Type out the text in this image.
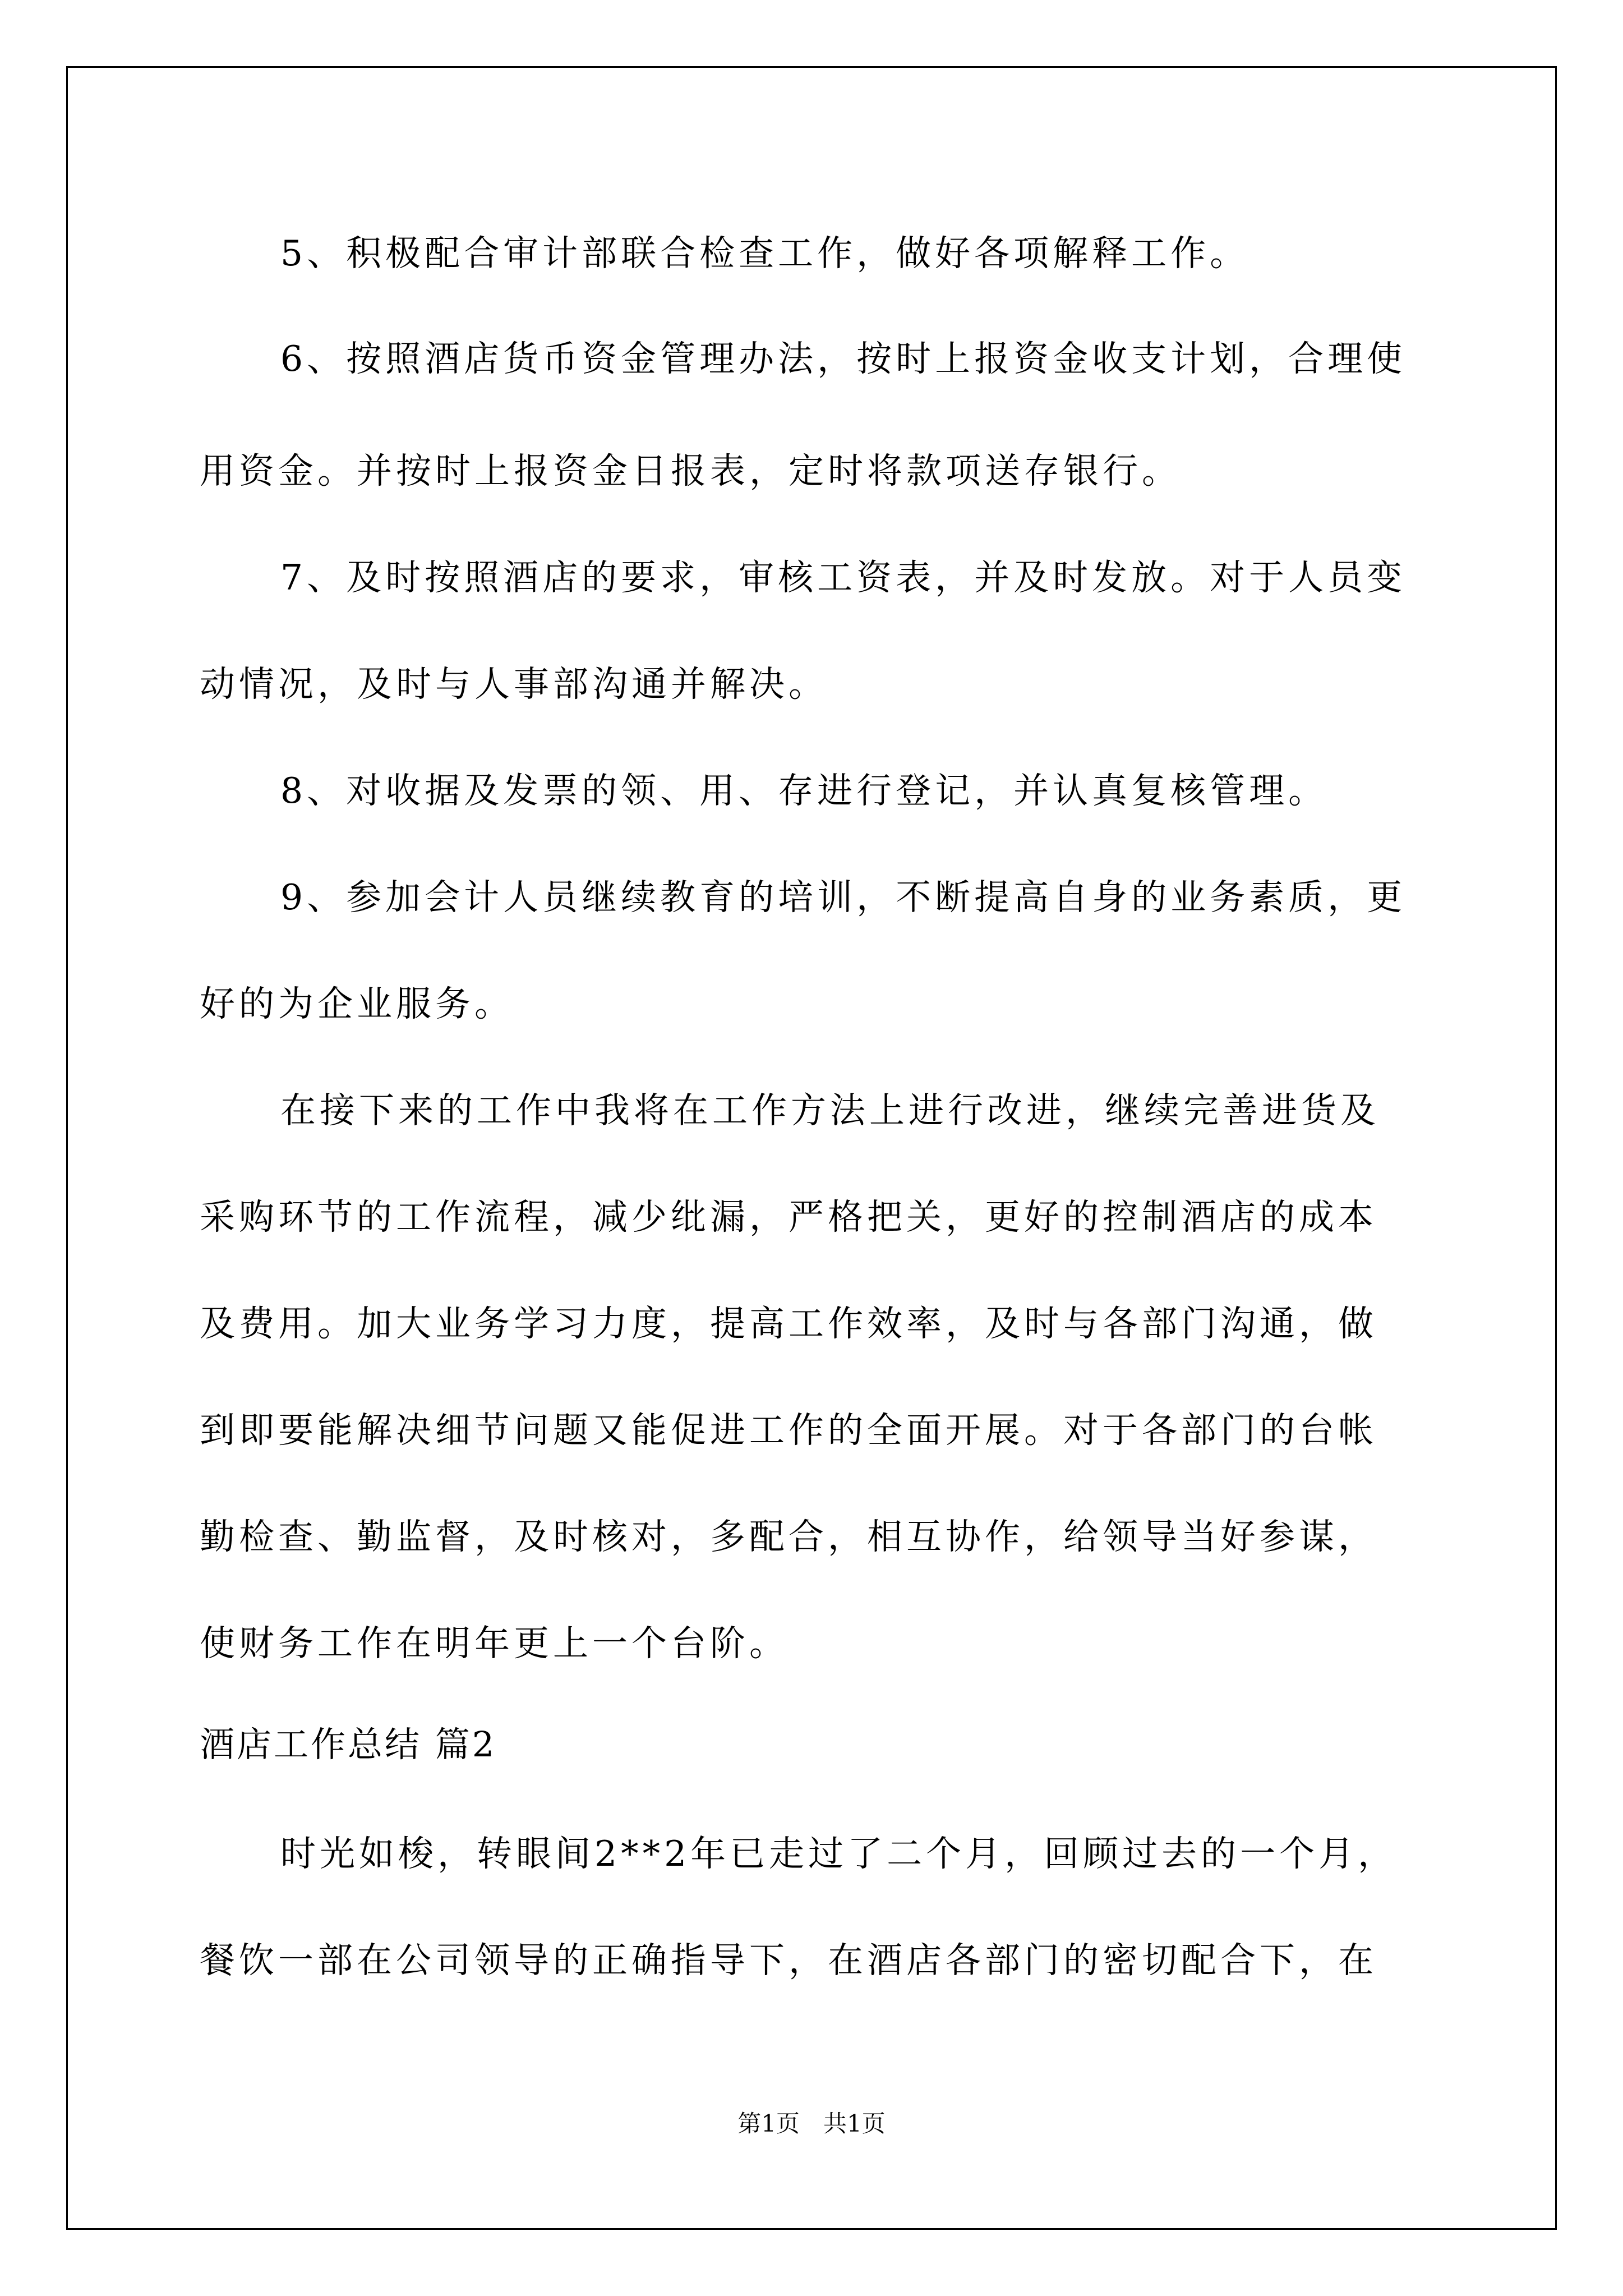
5、积极配合审计部联合检查工作，做好各项解释工作。
6、按照酒店货币资金管理办法，按时上报资金收支计划，合理使
用资金。并按时上报资金日报表，定时将款项送存银行。
7、及时按照酒店的要求，审核工资表，并及时发放。对于人员变
动情况，及时与人事部沟通并解决。
8、对收据及发票的领、用、存进行登记，并认真复核管理。
9、参加会计人员继续教育的培训，不断提高自身的业务素质，更
好的为企业服务。
在接下来的工作中我将在工作方法上进行改进，继续完善进货及
采购环节的工作流程，减少纰漏，严格把关，更好的控制酒店的成本
及费用。加大业务学习力度，提高工作效率，及时与各部门沟通，做
到即要能解决细节问题又能促进工作的全面开展。对于各部门的台帐
勤检查、勤监督，及时核对，多配合，相互协作，给领导当好参谋，
使财务工作在明年更上一个台阶。
酒店工作总结 篇2
时光如梭，转眼间2**2年已走过了二个月，回顾过去的一个月，
餐饮一部在公司领导的正确指导下，在酒店各部门的密切配合下，在
第1页　共1页
